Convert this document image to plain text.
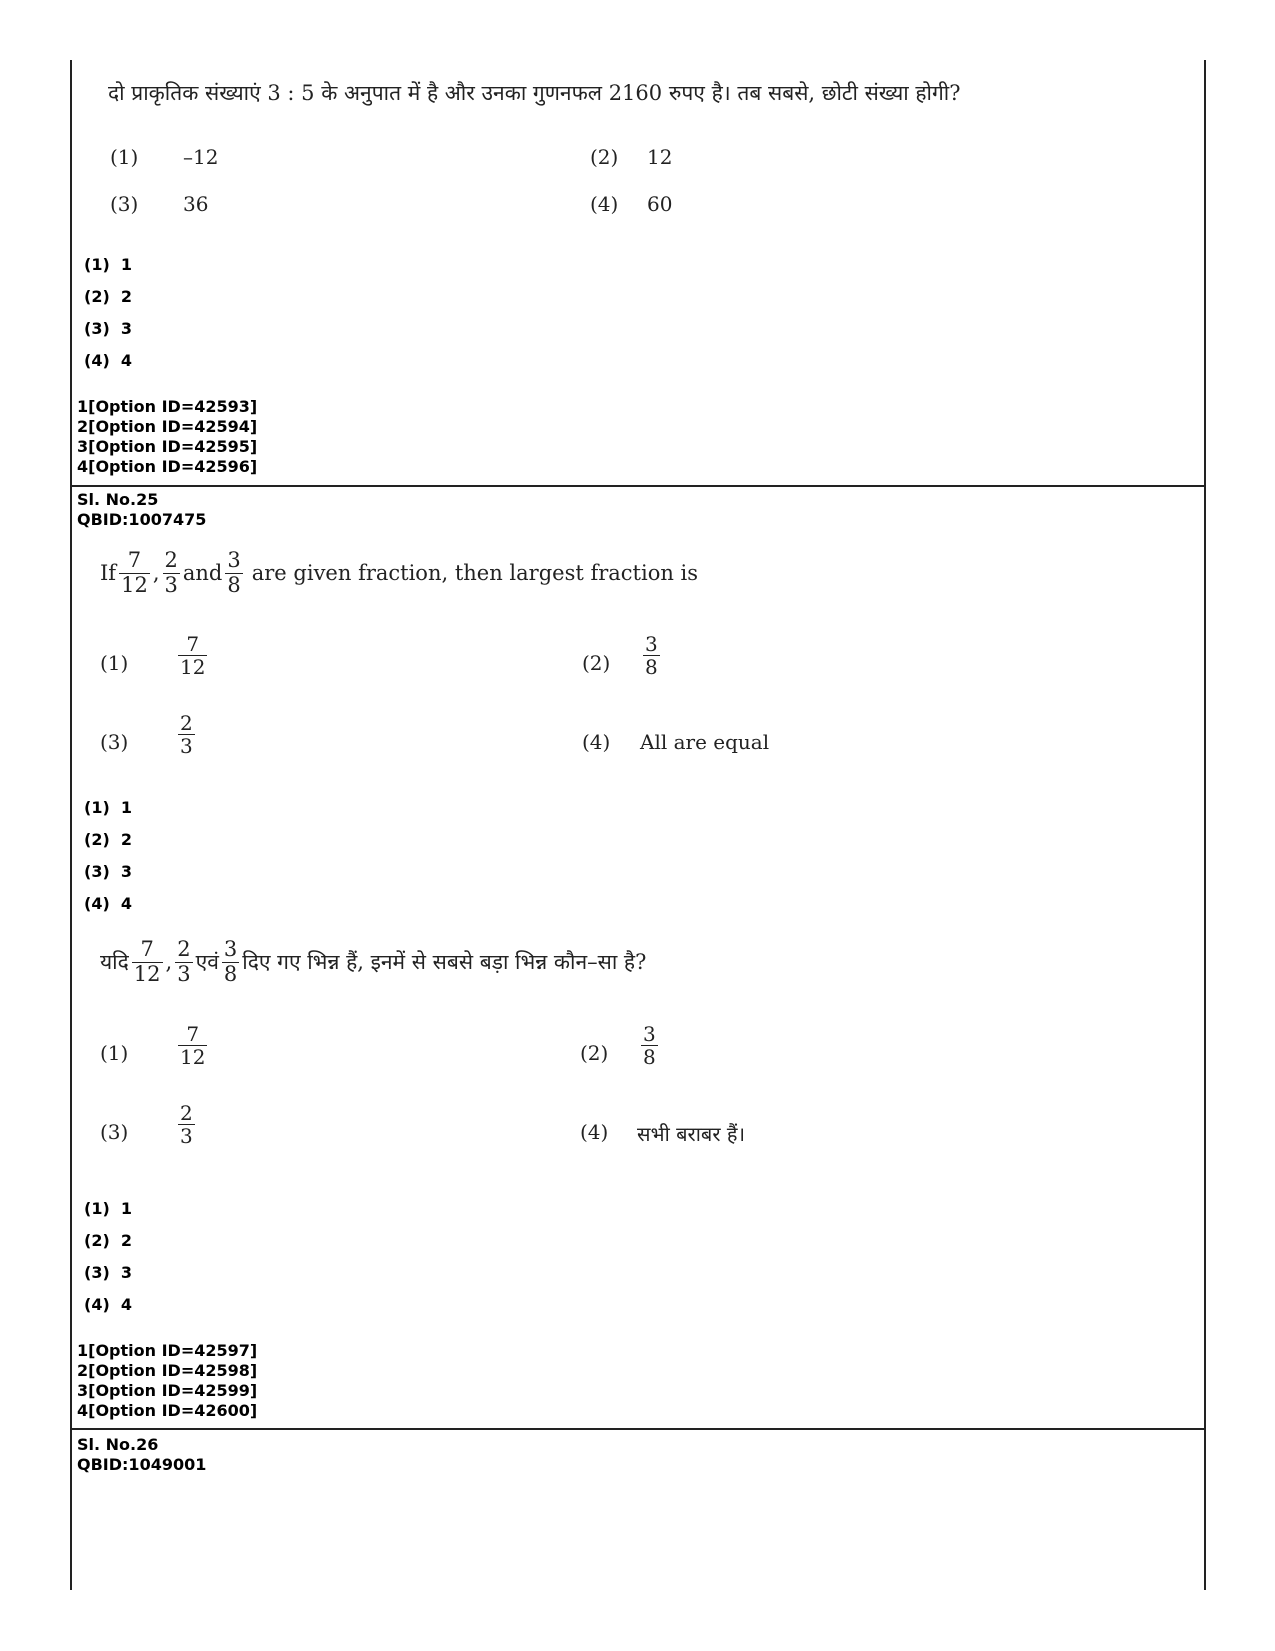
दो प्राकृतिक संख्याएं 3 : 5 के अनुपात में है और उनका गुणनफल 2160 रुपए है। तब सबसे, छोटी संख्या होगी?
(1) –12	(2) 12
(3) 36	(4) 60
(1) 1
(2) 2
(3) 3
(4) 4
1[Option ID=42593]
2[Option ID=42594]
3[Option ID=42595]
4[Option ID=42596]
Sl. No.25
QBID:1007475
If $\frac{7}{12}$ , $\frac{2}{3}$ and $\frac{3}{8}$ are given fraction, then largest fraction is
$(1) \frac{7}{12}$	$(2) \frac{3}{8}$
$(3) \frac{2}{3}$	(4) All are equal
(1) 1
(2) 2
(3) 3
(4) 4
यदि $\frac{7}{12}$ , $\frac{2}{3}$ एवं $\frac{3}{8}$ दिए गए भिन्न हैं, इनमें से सबसे बड़ा भिन्न कौन–सा है?
$(1) \frac{7}{12}$	$(2) \frac{3}{8}$
$(3) \frac{2}{3}$	(4) सभी बराबर हैं।
(1) 1
(2) 2
(3) 3
(4) 4
1[Option ID=42597]
2[Option ID=42598]
3[Option ID=42599]
4[Option ID=42600]
Sl. No.26
QBID:1049001
